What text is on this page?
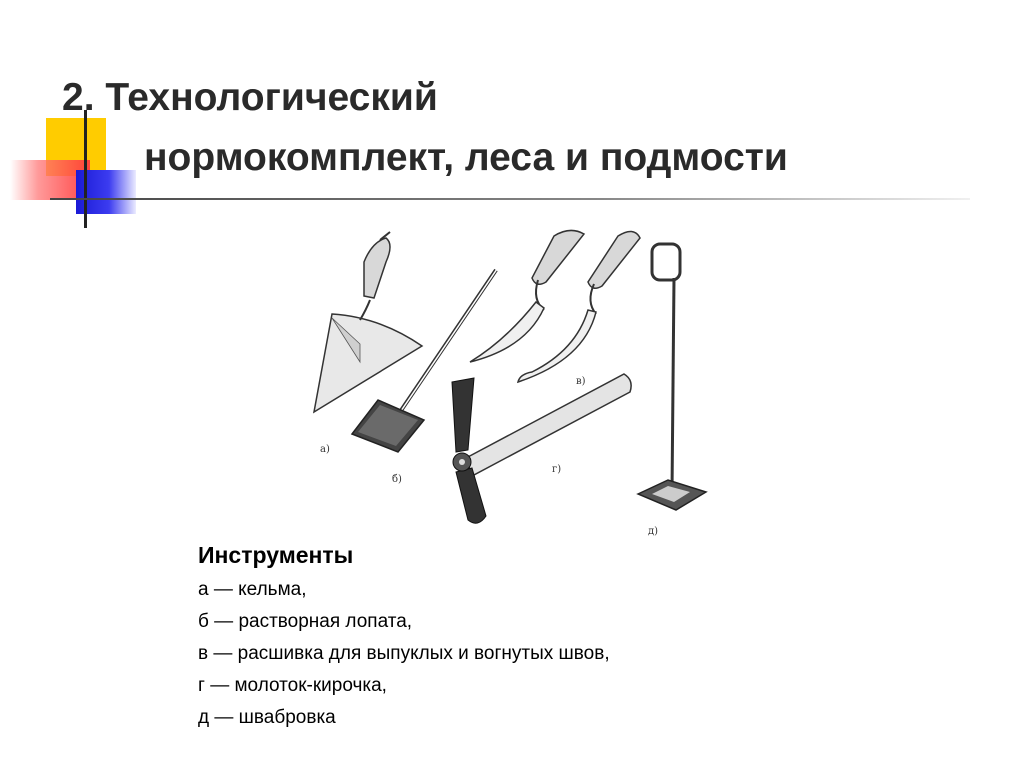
2. Технологический
нормокомплект, леса и подмости
а)
б)
в)
г)
д)
Инструменты
а — кельма,
б — растворная лопата,
в — расшивка для выпуклых и вогнутых швов,
г — молоток-кирочка,
д — швабровка
